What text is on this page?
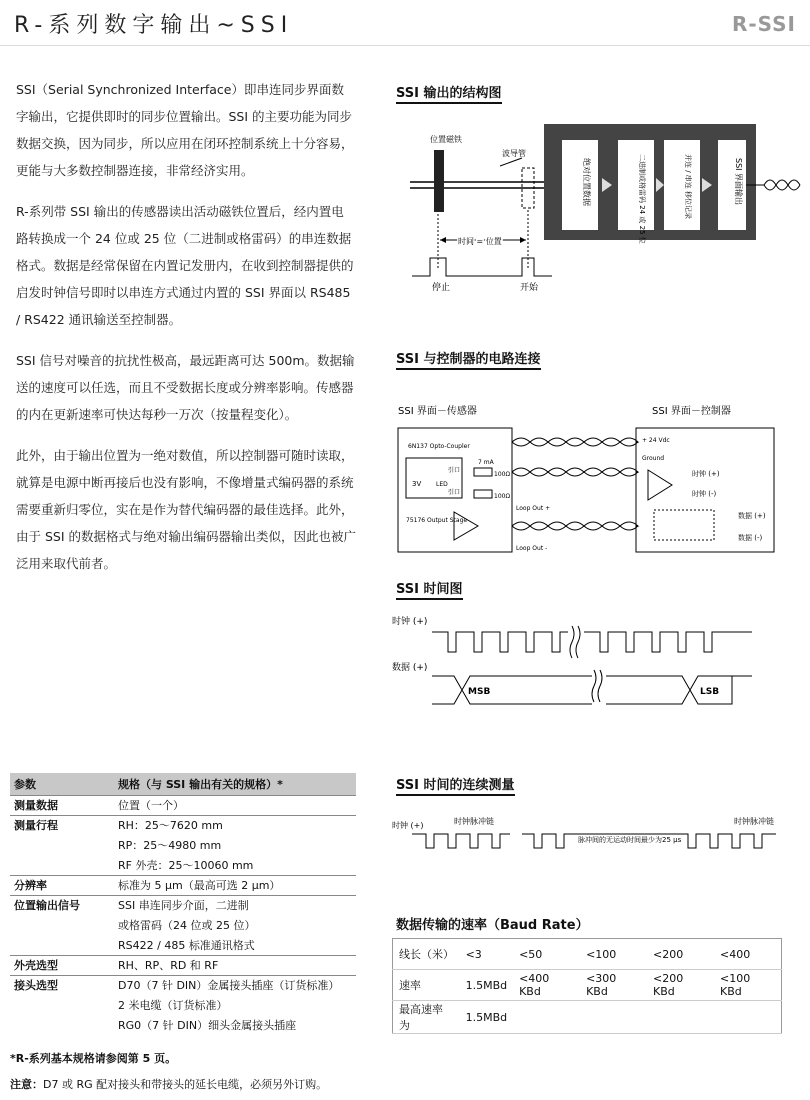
R-系列数字输出~SSI	R-SSI

SSI（Serial Synchronized Interface）即串连同步界面数字输出，它提供即时的同步位置输出。SSI 的主要功能为同步数据交换，因为同步，所以应用在闭环控制系统上十分容易，更能与大多数控制器连接，非常经济实用。

R-系列带 SSI 输出的传感器读出活动磁铁位置后，经内置电路转换成一个 24 位或 25 位（二进制或格雷码）的串连数据格式。数据是经常保留在内置记发册内，在收到控制器提供的启发时钟信号即时以串连方式通过内置的 SSI 界面以 RS485 / RS422 通讯输送至控制器。

SSI 信号对噪音的抗扰性极高，最远距离可达 500m。数据输送的速度可以任选，而且不受数据长度或分辨率影响。传感器的内在更新速率可快达每秒一万次（按量程变化）。

此外，由于输出位置为一绝对数值，所以控制器可随时读取，就算是电源中断再接后也没有影响，不像增量式编码器的系统需要重新归零位，实在是作为替代编码器的最佳选择。此外，由于 SSI 的数据格式与绝对输出编码器输出类似，因此也被广泛用来取代前者。

SSI 输出的结构图
SSI 与控制器的电路连接
SSI 时间图
SSI 时间的连续测量
数据传输的速率（Baud Rate）
位置磁铁
波导管
绝对位置数据	二进制或格雷码 24 或 25 位	并连 / 串连 移位记录	SSI 界面输出
时间 = 位置
停止	开始
SSI 界面－传感器	SSI 界面－控制器
6N137 Opto-Coupler
3V LED
引口
引口
7 mA
100Ω
100Ω
75176 Output Stage
Loop Out +
Loop Out -
+ 24 Vdc
Ground
时钟 (+)
时钟 (-)
数据 (+)
数据 (-)
时钟 (+)
数据 (+)
MSB	LSB
时钟 (+)	时钟脉冲链
脉冲间的无运动时间最少为25 μs
时钟脉冲链
参数	规格（与 SSI 输出有关的规格）*
测量数据	位置（一个）
测量行程	RH：25～7620 mm
	RP：25～4980 mm
	RF 外壳：25～10060 mm
分辨率	标准为 5 μm（最高可选 2 μm）
位置输出信号	SSI 串连同步介面，二进制
	或格雷码（24 位或 25 位）
	RS422 / 485 标准通讯格式
外壳选型	RH、RP、RD 和 RF
接头选型	D70（7 针 DIN）金属接头插座（订货标准）
	2 米电缆（订货标准）
	RG0（7 针 DIN）细头金属接头插座
*R-系列基本规格请参阅第 5 页。
注意：D7 或 RG 配对接头和带接头的延长电缆，必须另外订购。
线长（米）	<3	<50	<100	<200	<400
速率	1.5MBd	<400 KBd	<300 KBd	<200 KBd	<100 KBd
最高速率为	1.5MBd				
